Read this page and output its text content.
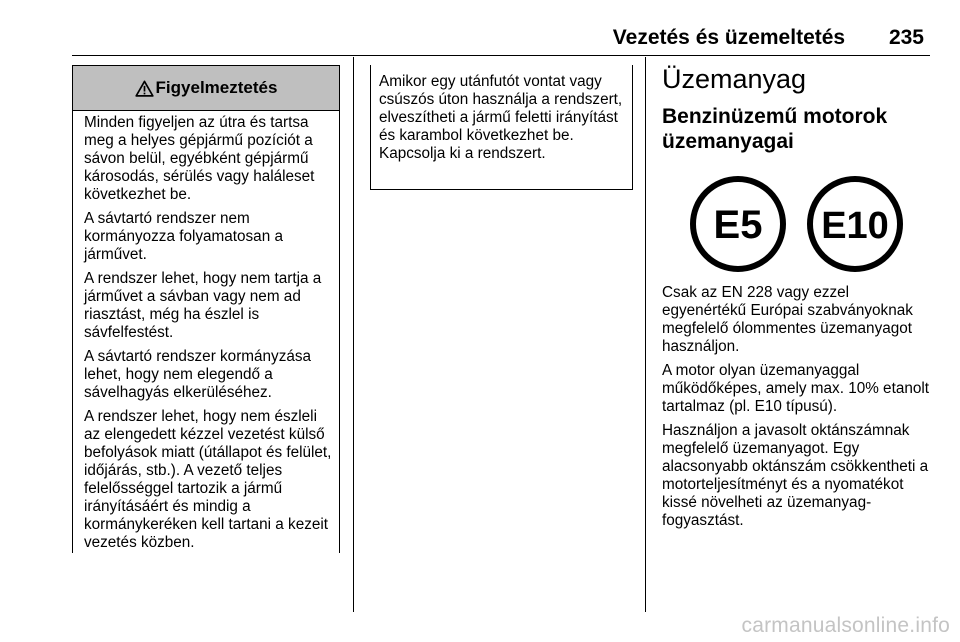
Vezetés és üzemeltetés 235
Figyelmeztetés

Minden figyeljen az útra és tartsa meg a helyes gépjármű pozíciót a sávon belül, egyébként gépjármű károsodás, sérülés vagy haláleset következhet be.

A sávtartó rendszer nem kormányozza folyamatosan a járművet.

A rendszer lehet, hogy nem tartja a járművet a sávban vagy nem ad riasztást, még ha észlel is sávfelfestést.

A sávtartó rendszer kormányzása lehet, hogy nem elegendő a sávelhagyás elkerüléséhez.

A rendszer lehet, hogy nem észleli az elengedett kézzel vezetést külső befolyások miatt (útállapot és felület, időjárás, stb.). A vezető teljes felelősséggel tartozik a jármű irányításáért és mindig a kormánykeréken kell tartani a kezeit vezetés közben.

Amikor egy utánfutót vontat vagy csúszós úton használja a rendszert, elveszítheti a jármű feletti irányítást és karambol következhet be. Kapcsolja ki a rendszert.

Üzemanyag
Benzinüzemű motorok üzemanyagai
E5 E10

Csak az EN 228 vagy ezzel egyenértékű Európai szabványoknak megfelelő ólommentes üzemanyagot használjon.

A motor olyan üzemanyaggal működőképes, amely max. 10% etanolt tartalmaz (pl. E10 típusú).

Használjon a javasolt oktánszámnak megfelelő üzemanyagot. Egy alacsonyabb oktánszám csökkentheti a motorteljesítményt és a nyomatékot kissé növelheti az üzemanyag-fogyasztást.

carmanualsonline.info
